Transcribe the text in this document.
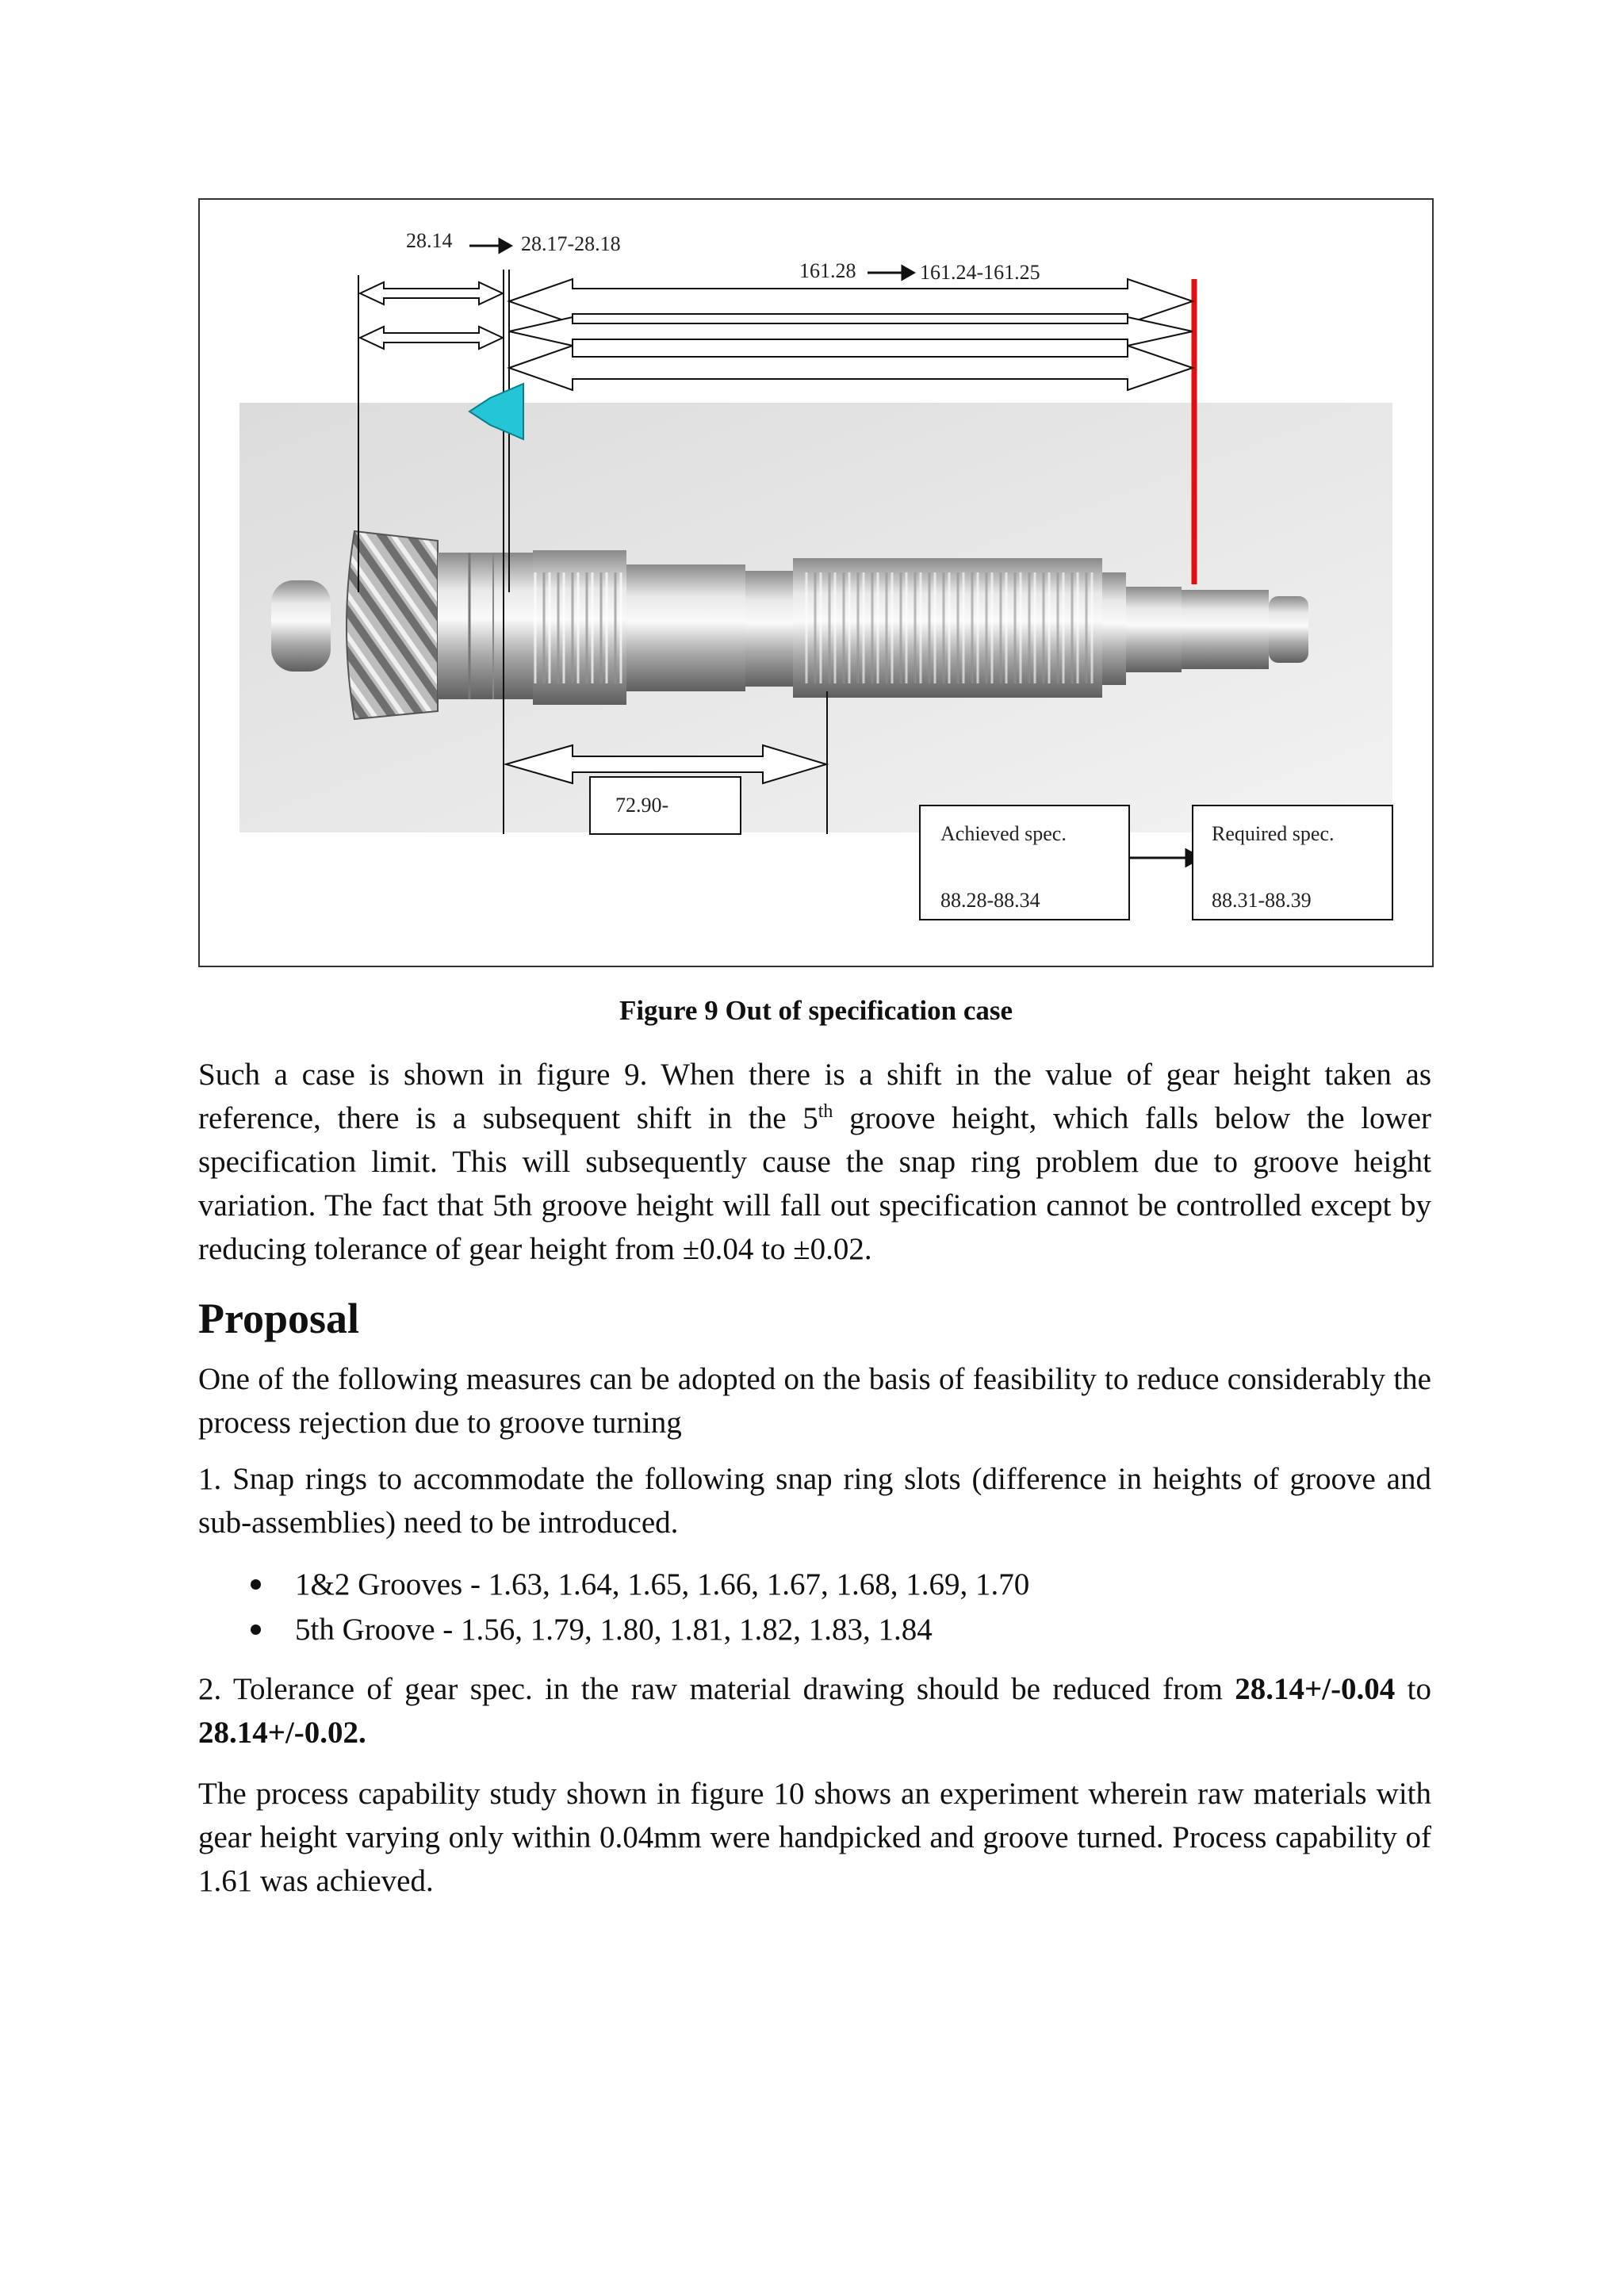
28.14	28.17-28.18
161.28	161.24-161.25
72.90-
Achieved spec.
88.28-88.34
Required spec.
88.31-88.39
Figure 9 Out of specification case

Such a case is shown in figure 9. When there is a shift in the value of gear height taken as reference, there is a subsequent shift in the 5th groove height, which falls below the lower specification limit. This will subsequently cause the snap ring problem due to groove height variation. The fact that 5th groove height will fall out specification cannot be controlled except by reducing tolerance of gear height from ±0.04 to ±0.02.

Proposal

One of the following measures can be adopted on the basis of feasibility to reduce considerably the process rejection due to groove turning

1. Snap rings to accommodate the following snap ring slots (difference in heights of groove and sub-assemblies) need to be introduced.

1&2 Grooves - 1.63, 1.64, 1.65, 1.66, 1.67, 1.68, 1.69, 1.70
5th Groove - 1.56, 1.79, 1.80, 1.81, 1.82, 1.83, 1.84

2. Tolerance of gear spec. in the raw material drawing should be reduced from 28.14+/-0.04 to 28.14+/-0.02.

The process capability study shown in figure 10 shows an experiment wherein raw materials with gear height varying only within 0.04mm were handpicked and groove turned. Process capability of 1.61 was achieved.
